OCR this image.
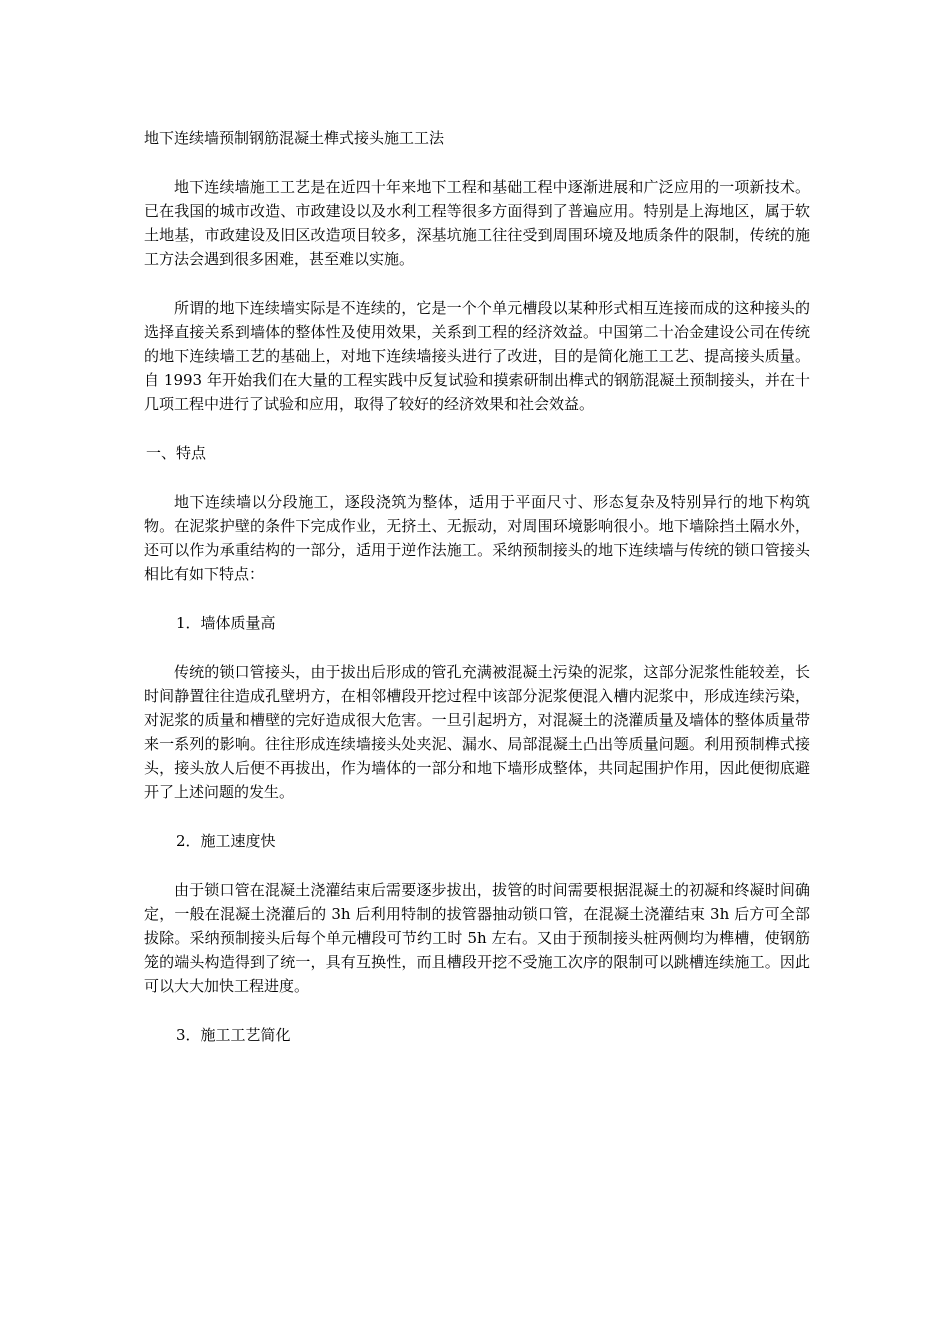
地下连续墙预制钢筋混凝土榫式接头施工工法

地下连续墙施工工艺是在近四十年来地下工程和基础工程中逐渐进展和广泛应用的一项新技术。已在我国的城市改造、市政建设以及水利工程等很多方面得到了普遍应用。特别是上海地区，属于软土地基，市政建设及旧区改造项目较多，深基坑施工往往受到周围环境及地质条件的限制，传统的施工方法会遇到很多困难，甚至难以实施。

所谓的地下连续墙实际是不连续的，它是一个个单元槽段以某种形式相互连接而成的这种接头的选择直接关系到墙体的整体性及使用效果，关系到工程的经济效益。中国第二十冶金建设公司在传统的地下连续墙工艺的基础上，对地下连续墙接头进行了改进，目的是简化施工工艺、提高接头质量。自 1993 年开始我们在大量的工程实践中反复试验和摸索研制出榫式的钢筋混凝土预制接头，并在十几项工程中进行了试验和应用，取得了较好的经济效果和社会效益。

一、特点

地下连续墙以分段施工，逐段浇筑为整体，适用于平面尺寸、形态复杂及特别异行的地下构筑物。在泥浆护壁的条件下完成作业，无挤土、无振动，对周围环境影响很小。地下墙除挡土隔水外，还可以作为承重结构的一部分，适用于逆作法施工。采纳预制接头的地下连续墙与传统的锁口管接头相比有如下特点：

1．墙体质量高

传统的锁口管接头，由于拔出后形成的管孔充满被混凝土污染的泥浆，这部分泥浆性能较差，长时间静置往往造成孔壁坍方，在相邻槽段开挖过程中该部分泥浆便混入槽内泥浆中，形成连续污染，对泥浆的质量和槽壁的完好造成很大危害。一旦引起坍方，对混凝土的浇灌质量及墙体的整体质量带来一系列的影响。往往形成连续墙接头处夹泥、漏水、局部混凝土凸出等质量问题。利用预制榫式接头，接头放人后便不再拔出，作为墙体的一部分和地下墙形成整体，共同起围护作用，因此便彻底避开了上述问题的发生。

2．施工速度快

由于锁口管在混凝土浇灌结束后需要逐步拔出，拔管的时间需要根据混凝土的初凝和终凝时间确定，一般在混凝土浇灌后的 3h 后利用特制的拔管器抽动锁口管，在混凝土浇灌结束 3h 后方可全部拔除。采纳预制接头后每个单元槽段可节约工时 5h 左右。又由于预制接头桩两侧均为榫槽，使钢筋笼的端头构造得到了统一，具有互换性，而且槽段开挖不受施工次序的限制可以跳槽连续施工。因此可以大大加快工程进度。

3．施工工艺简化
